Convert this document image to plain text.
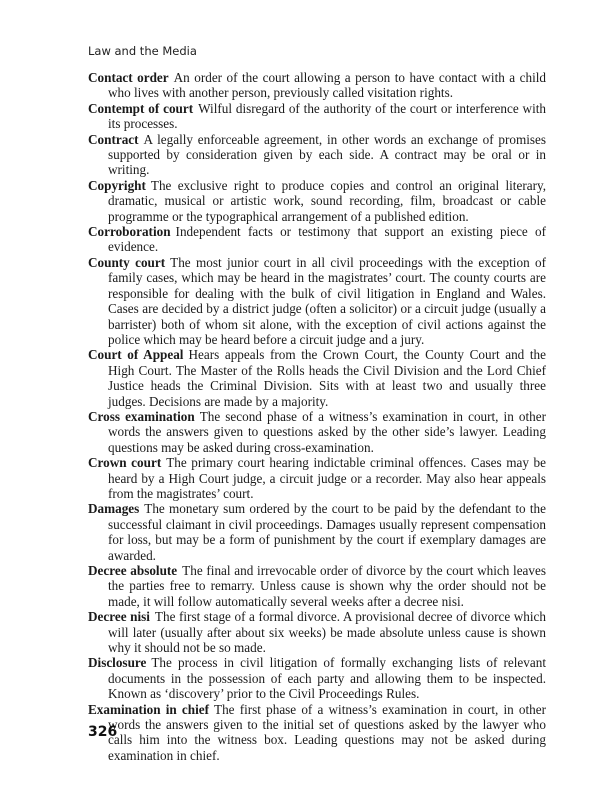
Law and the Media

Contact order An order of the court allowing a person to have contact with a child who lives with another person, previously called visitation rights.

Contempt of court Wilful disregard of the authority of the court or interference with its processes.

Contract A legally enforceable agreement, in other words an exchange of promises supported by consideration given by each side. A contract may be oral or in writing.

Copyright The exclusive right to produce copies and control an original literary, dramatic, musical or artistic work, sound recording, film, broadcast or cable programme or the typographical arrangement of a published edition.

Corroboration Independent facts or testimony that support an existing piece of evidence.

County court The most junior court in all civil proceedings with the exception of family cases, which may be heard in the magistrates’ court. The county courts are responsible for dealing with the bulk of civil litigation in England and Wales. Cases are decided by a district judge (often a solicitor) or a circuit judge (usually a barrister) both of whom sit alone, with the exception of civil actions against the police which may be heard before a circuit judge and a jury.

Court of Appeal Hears appeals from the Crown Court, the County Court and the High Court. The Master of the Rolls heads the Civil Division and the Lord Chief Justice heads the Criminal Division. Sits with at least two and usually three judges. Decisions are made by a majority.

Cross examination The second phase of a witness’s examination in court, in other words the answers given to questions asked by the other side’s lawyer. Leading questions may be asked during cross-examination.

Crown court The primary court hearing indictable criminal offences. Cases may be heard by a High Court judge, a circuit judge or a recorder. May also hear appeals from the magistrates’ court.

Damages The monetary sum ordered by the court to be paid by the defendant to the successful claimant in civil proceedings. Damages usually represent compensation for loss, but may be a form of punishment by the court if exemplary damages are awarded.

Decree absolute The final and irrevocable order of divorce by the court which leaves the parties free to remarry. Unless cause is shown why the order should not be made, it will follow automatically several weeks after a decree nisi.

Decree nisi The first stage of a formal divorce. A provisional decree of divorce which will later (usually after about six weeks) be made absolute unless cause is shown why it should not be so made.

Disclosure The process in civil litigation of formally exchanging lists of relevant documents in the possession of each party and allowing them to be inspected. Known as ‘discovery’ prior to the Civil Proceedings Rules.

Examination in chief The first phase of a witness’s examination in court, in other words the answers given to the initial set of questions asked by the lawyer who calls him into the witness box. Leading questions may not be asked during examination in chief.

326
